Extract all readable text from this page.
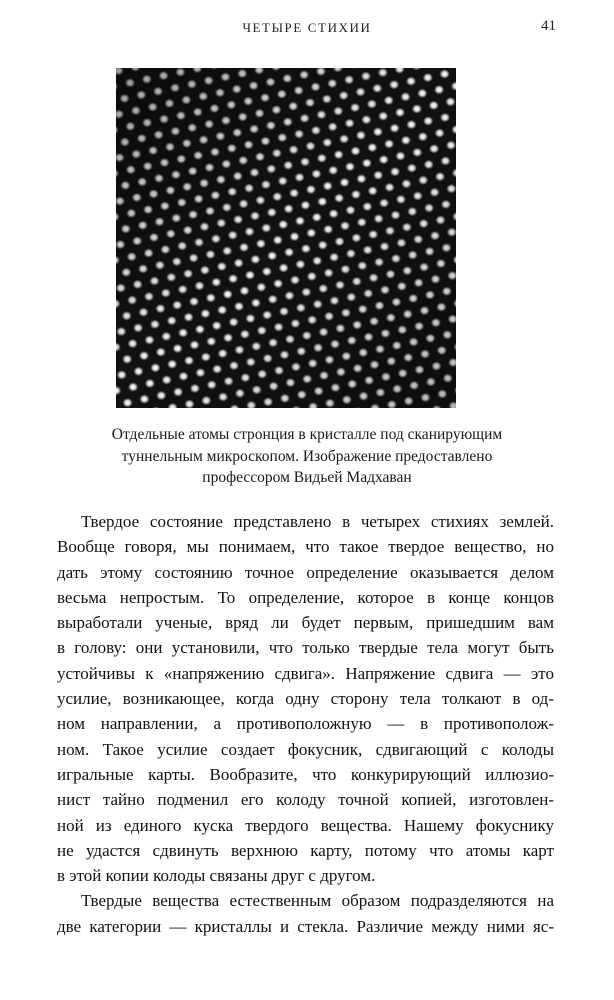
ЧЕТЫРЕ СТИХИИ	41
Отдельные атомы стронция в кристалле под сканирующим
туннельным микроскопом. Изображение предоставлено
профессором Видьей Мадхаван
Твердое состояние представлено в четырех стихиях землей.
Вообще говоря, мы понимаем, что такое твердое вещество, но
дать этому состоянию точное определение оказывается делом
весьма непростым. То определение, которое в конце концов
выработали ученые, вряд ли будет первым, пришедшим вам
в голову: они установили, что только твердые тела могут быть
устойчивы к «напряжению сдвига». Напряжение сдвига — это
усилие, возникающее, когда одну сторону тела толкают в од-
ном направлении, а противоположную — в противополож-
ном. Такое усилие создает фокусник, сдвигающий с колоды
игральные карты. Вообразите, что конкурирующий иллюзио-
нист тайно подменил его колоду точной копией, изготовлен-
ной из единого куска твердого вещества. Нашему фокуснику
не удастся сдвинуть верхнюю карту, потому что атомы карт
в этой копии колоды связаны друг с другом.
Твердые вещества естественным образом подразделяются на
две категории — кристаллы и стекла. Различие между ними яс-
